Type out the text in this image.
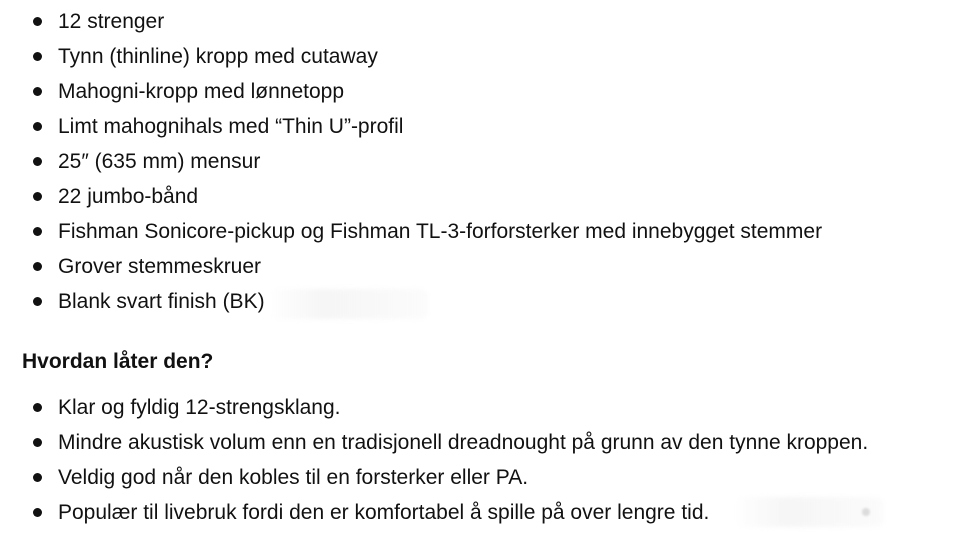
12 strenger
Tynn (thinline) kropp med cutaway
Mahogni-kropp med lønnetopp
Limt mahognihals med “Thin U”-profil
25″ (635 mm) mensur
22 jumbo-bånd
Fishman Sonicore-pickup og Fishman TL-3-forforsterker med innebygget stemmer
Grover stemmeskruer
Blank svart finish (BK)
Hvordan låter den?
Klar og fyldig 12-strengsklang.
Mindre akustisk volum enn en tradisjonell dreadnought på grunn av den tynne kroppen.
Veldig god når den kobles til en forsterker eller PA.
Populær til livebruk fordi den er komfortabel å spille på over lengre tid.
